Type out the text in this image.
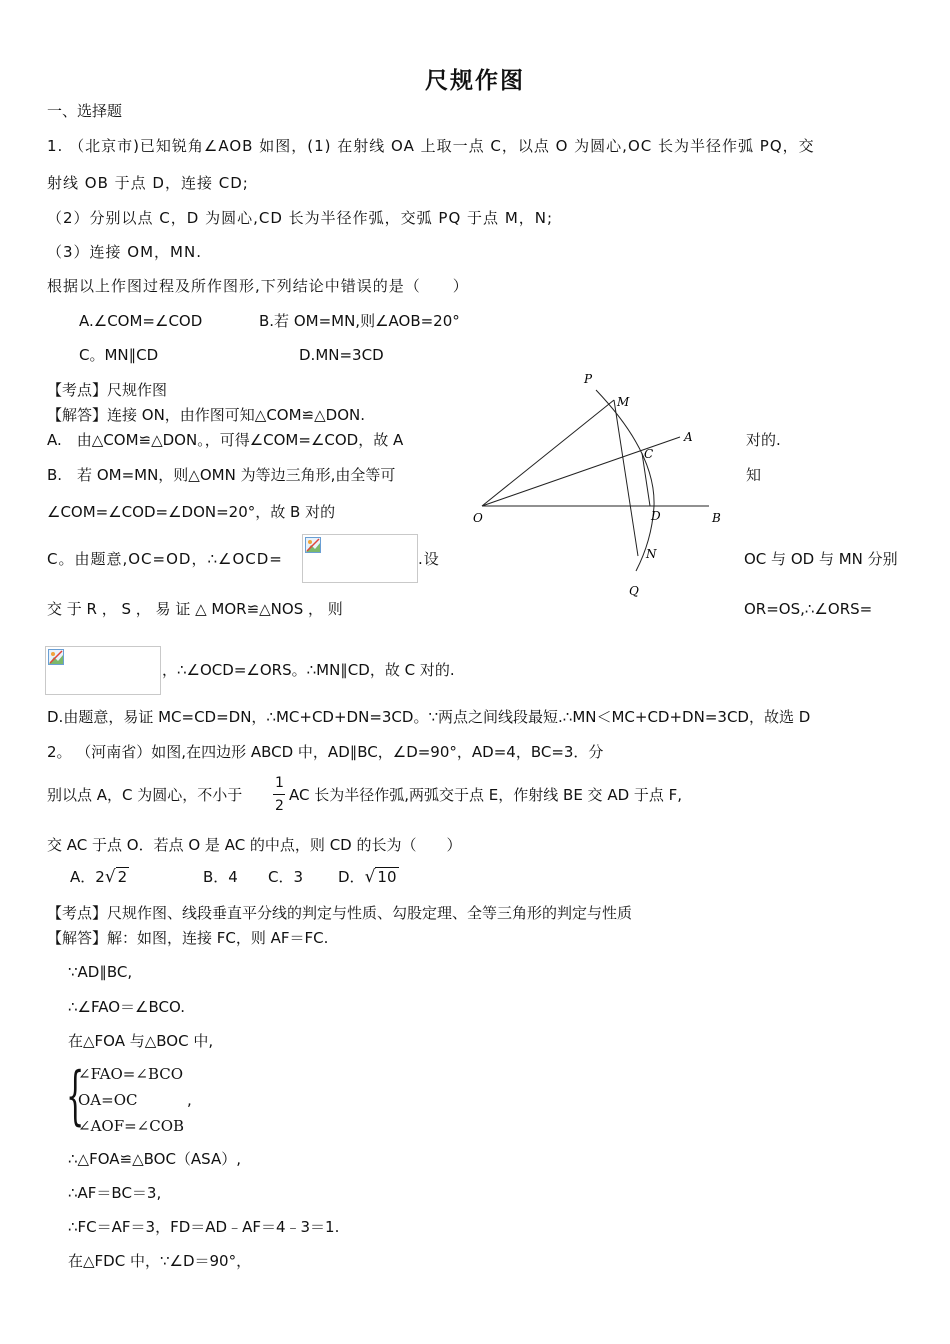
尺规作图
一、选择题
1. （北京市)已知锐角∠AOB 如图，(1) 在射线 OA 上取一点 C，以点 O 为圆心,OC 长为半径作弧 PQ，交
射线 OB 于点 D，连接 CD;
（2）分别以点 C，D 为圆心,CD 长为半径作弧，交弧 PQ 于点 M，N;
（3）连接 OM，MN.
根据以上作图过程及所作图形,下列结论中错误的是（　　）
A.∠COM=∠COD	B.若 OM=MN,则∠AOB=20°
C。MN∥CD	D.MN=3CD
【考点】尺规作图
【解答】连接 ON，由作图可知△COM≌△DON.
A.　由△COM≌△DON。，可得∠COM=∠COD，故 A	对的.
B.　若 OM=MN，则△OMN 为等边三角形,由全等可	知
∠COM=∠COD=∠DON=20°，故 B 对的
C。由题意,OC=OD，∴∠OCD=	.设	OC 与 OD 与 MN 分别
交 于 R ， S ， 易 证 △ MOR≌△NOS ， 则	OR=OS,∴∠ORS=
，∴∠OCD=∠ORS。∴MN∥CD，故 C 对的.
D.由题意，易证 MC=CD=DN，∴MC+CD+DN=3CD。∵两点之间线段最短.∴MN＜MC+CD+DN=3CD，故选 D
P
M
A
C
O	D	B
N
Q
2。 （河南省）如图,在四边形 ABCD 中，AD∥BC，∠D=90°，AD=4，BC=3．分
别以点 A，C 为圆心，不小于
1
2
AC 长为半径作弧,两弧交于点 E，作射线 BE 交 AD 于点 F,
交 AC 于点 O．若点 O 是 AC 的中点，则 CD 的长为（　　）
A．2√ 2	B．4 C．3 D．√ 10
【考点】尺规作图、线段垂直平分线的判定与性质、勾股定理、全等三角形的判定与性质
【解答】解：如图，连接 FC，则 AF＝FC.
∵AD∥BC,
∴∠FAO＝∠BCO.
在△FOA 与△BOC 中,
{
∠FAO=∠BCO
OA=OC	,
∠AOF=∠COB
∴△FOA≌△BOC（ASA）,
∴AF＝BC＝3,
∴FC＝AF＝3，FD＝AD﹣AF＝4﹣3＝1.
在△FDC 中，∵∠D＝90°，
